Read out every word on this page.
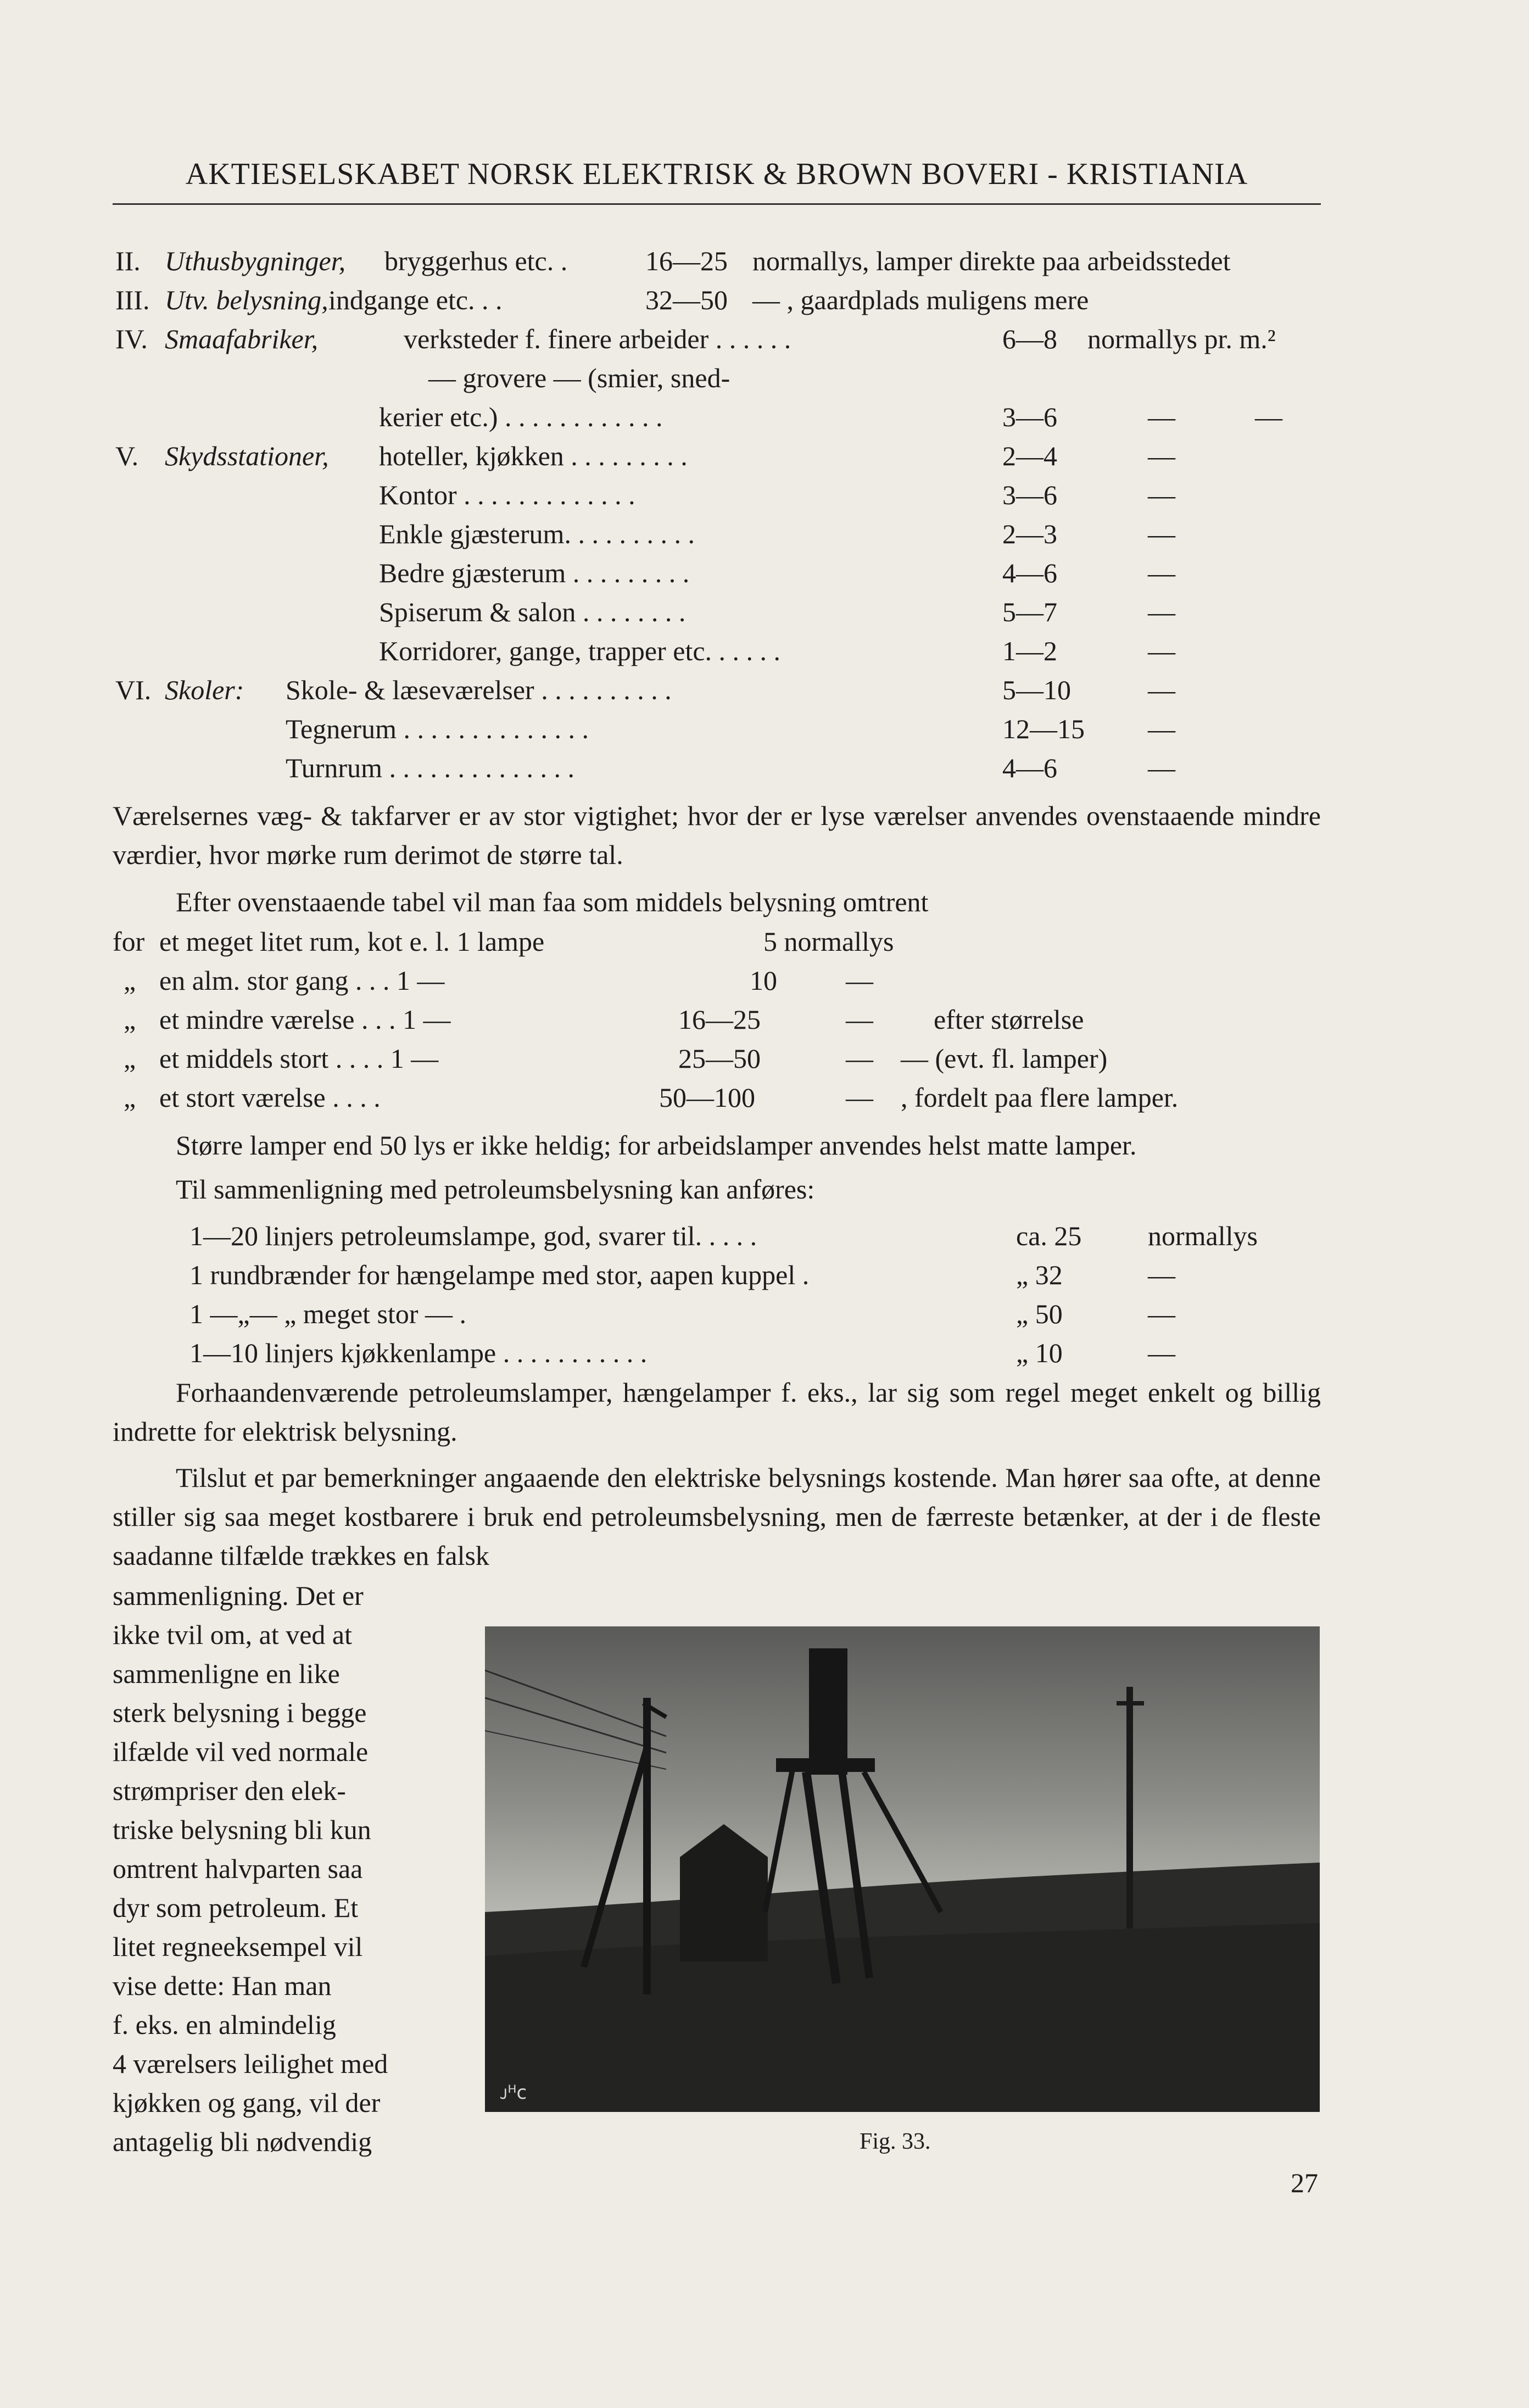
AKTIESELSKABET NORSK ELEKTRISK & BROWN BOVERI - KRISTIANIA
II. Uthusbygninger, bryggerhus etc. .	16—25 normallys, lamper direkte paa arbeidsstedet
III. Utv. belysning, indgange etc. . .	32—50 — , gaardplads muligens mere
IV. Smaafabriker,	verksteder f. finere arbeider . . . . . .	6—8 normallys pr. m.²
— grovere — (smier, sned-
kerier etc.) . . . . . . . . . . . .	3—6	—	—
V. Skydsstationer, hoteller, kjøkken . . . . . . . . .	2—4	—
Kontor . . . . . . . . . . . . .	3—6	—
Enkle gjæsterum. . . . . . . . . .	2—3	—
Bedre gjæsterum . . . . . . . . .	4—6	—
Spiserum & salon . . . . . . . .	5—7	—
Korridorer, gange, trapper etc. . . . . .	1—2	—
VI. Skoler: Skole- & læseværelser . . . . . . . . . .	5—10	—
Tegnerum . . . . . . . . . . . . . .	12—15 —
Turnrum . . . . . . . . . . . . . .	4—6	—
Værelsernes væg- & takfarver er av stor vigtighet; hvor der er lyse værelser anvendes ovenstaaende mindre værdier, hvor mørke rum derimot de større tal.
Efter ovenstaaende tabel vil man faa som middels belysning omtrent
for et meget litet rum, kot e. l. 1 lampe	5 normallys
„ en alm. stor gang . . . 1 —	10	—
„ et mindre værelse . . . 1 —	16—25	— efter størrelse
„ et middels stort . . . . 1 —	25—50	— — (evt. fl. lamper)
„ et stort værelse . . . .	50—100	— , fordelt paa flere lamper.
Større lamper end 50 lys er ikke heldig; for arbeidslamper anvendes helst matte lamper.
Til sammenligning med petroleumsbelysning kan anføres:
1—20 linjers petroleumslampe, god, svarer til. . . . .	ca. 25 normallys
1 rundbrænder for hængelampe med stor, aapen kuppel .	„ 32	—
1 —„— „ meget stor — .	„ 50	—
1—10 linjers kjøkkenlampe . . . . . . . . . . .	„ 10	—
Forhaandenværende petroleumslamper, hængelamper f. eks., lar sig som regel meget enkelt og billig indrette for elektrisk belysning.
Tilslut et par bemerkninger angaaende den elektriske belysnings kostende. Man hører saa ofte, at denne stiller sig saa meget kostbarere i bruk end petroleumsbelysning, men de færreste betænker, at der i de fleste saadanne tilfælde trækkes en falsk
sammenligning. Det er
ikke tvil om, at ved at
sammenligne en like
sterk belysning i begge
ilfælde vil ved normale
strømpriser den elek-
triske belysning bli kun
omtrent halvparten saa
dyr som petroleum. Et
litet regneeksempel vil
vise dette: Han man
f. eks. en almindelig
4 værelsers leilighet med
kjøkken og gang, vil der
antagelig bli nødvendig
ᴊᴴᴄ
Fig. 33.
27
